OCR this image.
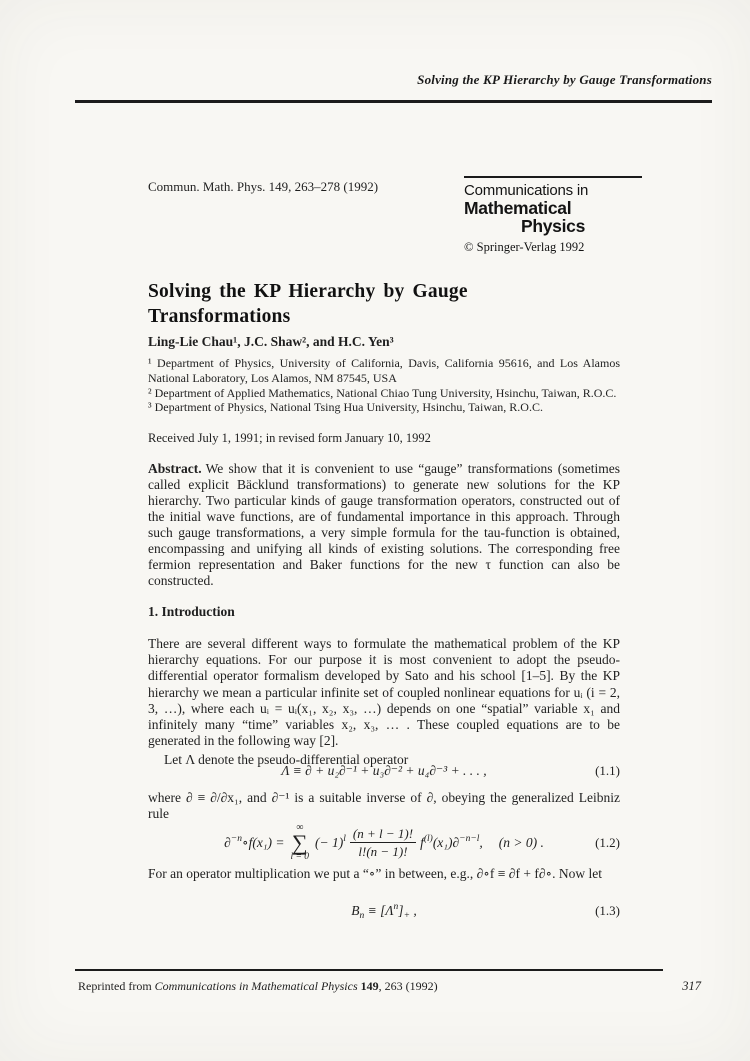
Solving the KP Hierarchy by Gauge Transformations
Commun. Math. Phys. 149, 263–278 (1992)	Communications in
Mathematical
Physics
© Springer-Verlag 1992
Solving the KP Hierarchy by Gauge
Transformations
Ling-Lie Chau¹, J.C. Shaw², and H.C. Yen³
¹ Department of Physics, University of California, Davis, California 95616, and Los Alamos National Laboratory, Los Alamos, NM 87545, USA
² Department of Applied Mathematics, National Chiao Tung University, Hsinchu, Taiwan, R.O.C.
³ Department of Physics, National Tsing Hua University, Hsinchu, Taiwan, R.O.C.
Received July 1, 1991; in revised form January 10, 1992
Abstract. We show that it is convenient to use “gauge” transformations (sometimes called explicit Bäcklund transformations) to generate new solutions for the KP hierarchy. Two particular kinds of gauge transformation operators, constructed out of the initial wave functions, are of fundamental importance in this approach. Through such gauge transformations, a very simple formula for the tau-function is obtained, encompassing and unifying all kinds of existing solutions. The corresponding free fermion representation and Baker functions for the new τ function can also be constructed.
1. Introduction

There are several different ways to formulate the mathematical problem of the KP hierarchy equations. For our purpose it is most convenient to adopt the pseudo-differential operator formalism developed by Sato and his school [1–5]. By the KP hierarchy we mean a particular infinite set of coupled nonlinear equations for uᵢ (i = 2, 3, …), where each uᵢ = uᵢ(x₁, x₂, x₃, …) depends on one “spatial” variable x₁ and infinitely many “time” variables x₂, x₃, … . These coupled equations are to be generated in the following way [2].

Let Λ denote the pseudo-differential operator

Λ ≡ ∂ + u₂∂⁻¹ + u₃∂⁻² + u₄∂⁻³ + . . . ,	(1.1)

where ∂ ≡ ∂/∂x₁, and ∂⁻¹ is a suitable inverse of ∂, obeying the generalized Leibniz rule

∂$^{-n}$∘f(x₁) =
∞
∑
l = 0
(− $1)^l \frac{(n + l - 1)!}{l!(n - 1)!} f^{(l)}(x_1)\partial^{-n-l}$, (n > 0) .	(1.2)

For an operator multiplication we put a “∘” in between, e.g., ∂∘f ≡ ∂f + f∂∘. Now let

$B_n \equiv [\Lambda^n]_+$ ,	(1.3)
Reprinted from Communications in Mathematical Physics 149, 263 (1992)	317
